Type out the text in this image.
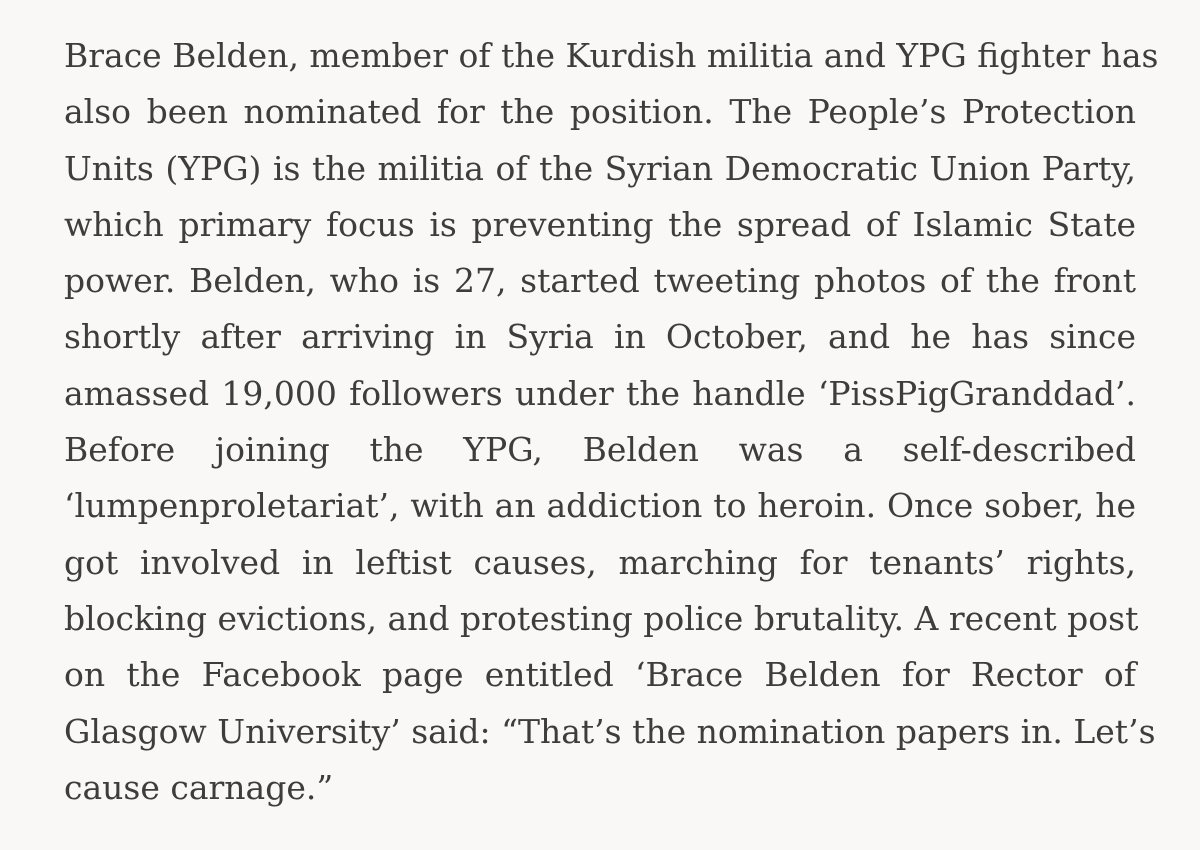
Brace Belden, member of the Kurdish militia and YPG fighter has
also been nominated for the position. The People’s Protection
Units (YPG) is the militia of the Syrian Democratic Union Party,
which primary focus is preventing the spread of Islamic State
power. Belden, who is 27, started tweeting photos of the front
shortly after arriving in Syria in October, and he has since
amassed 19,000 followers under the handle ‘PissPigGranddad’.
Before joining the YPG, Belden was a self-described
‘lumpenproletariat’, with an addiction to heroin. Once sober, he
got involved in leftist causes, marching for tenants’ rights,
blocking evictions, and protesting police brutality. A recent post
on the Facebook page entitled ‘Brace Belden for Rector of
Glasgow University’ said: “That’s the nomination papers in. Let’s
cause carnage.”
